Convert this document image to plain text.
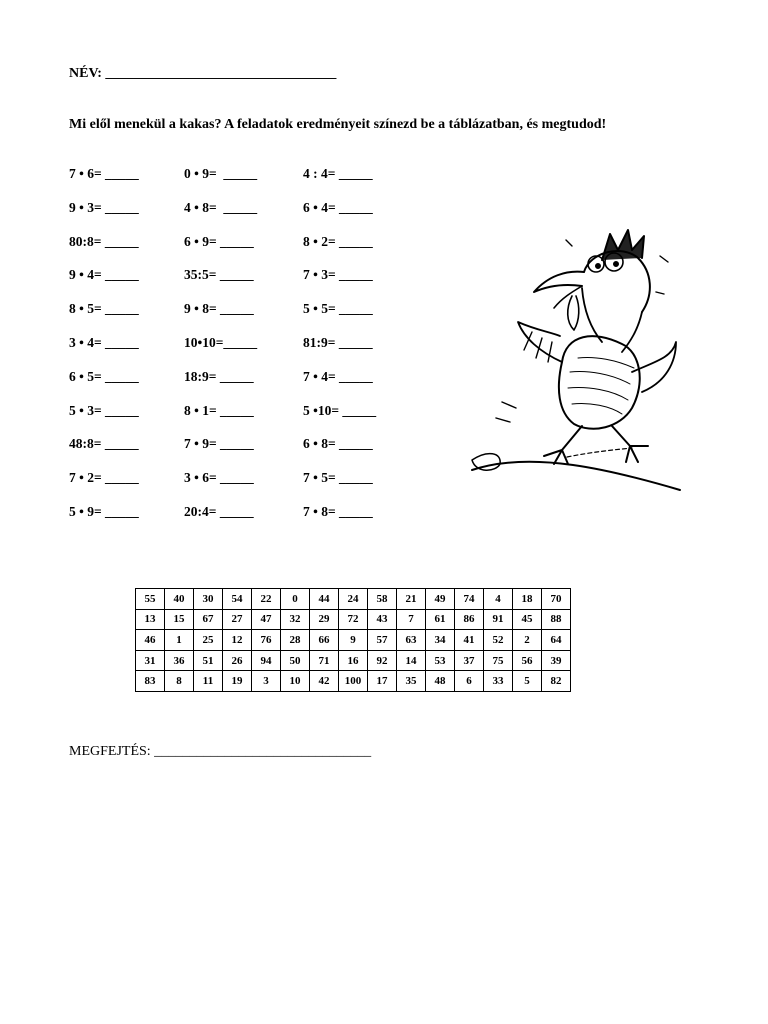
NÉV: _________________________________
Mi elől menekül a kakas? A feladatok eredményeit színezd be a táblázatban, és megtudod!
7 • 6= _____	0 • 9=  _____	4 : 4= _____
9 • 3= _____	4 • 8=  _____	6 • 4= _____
80:8= _____	6 • 9= _____	8 • 2= _____
9 • 4= _____	35:5= _____	7 • 3= _____
8 • 5= _____	9 • 8= _____	5 • 5= _____
3 • 4= _____	10•10=_____	81:9= _____
6 • 5= _____	18:9= _____	7 • 4= _____
5 • 3= _____	8 • 1= _____	5 •10= _____
48:8= _____	7 • 9= _____	6 • 8= _____
7 • 2= _____	3 • 6= _____	7 • 5= _____
5 • 9= _____	20:4= _____	7 • 8= _____
55	40	30	54	22	0	44	24	58	21	49	74	4	18	70
13	15	67	27	47	32	29	72	43	7	61	86	91	45	88
46	1	25	12	76	28	66	9	57	63	34	41	52	2	64
31	36	51	26	94	50	71	16	92	14	53	37	75	56	39
83	8	11	19	3	10	42	100	17	35	48	6	33	5	82
MEGFEJTÉS: _______________________________
